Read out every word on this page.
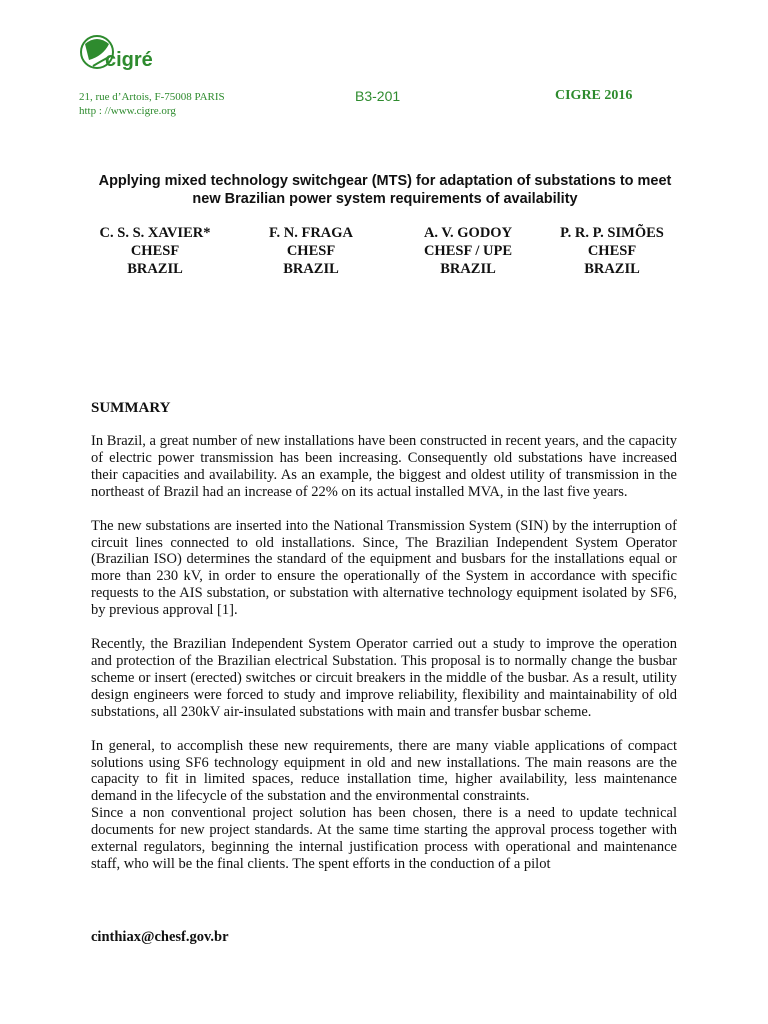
cigré
21, rue d’Artois, F-75008 PARIS
http : //www.cigre.org
B3-201	CIGRE 2016
Applying mixed technology switchgear (MTS) for adaptation of substations to meet new Brazilian power system requirements of availability
C. S. S. XAVIER*
CHESF
BRAZIL
F. N. FRAGA
CHESF
BRAZIL
A. V. GODOY
CHESF / UPE
BRAZIL
P. R. P. SIMÕES
CHESF
BRAZIL
SUMMARY

In Brazil, a great number of new installations have been constructed in recent years, and the capacity of electric power transmission has been increasing. Consequently old substations have increased their capacities and availability. As an example, the biggest and oldest utility of transmission in the northeast of Brazil had an increase of 22% on its actual installed MVA, in the last five years.

The new substations are inserted into the National Transmission System (SIN) by the interruption of circuit lines connected to old installations. Since, The Brazilian Independent System Operator (Brazilian ISO) determines the standard of the equipment and busbars for the installations equal or more than 230 kV, in order to ensure the operationally of the System in accordance with specific requests to the AIS substation, or substation with alternative technology equipment isolated by SF6, by previous approval [1].

Recently, the Brazilian Independent System Operator carried out a study to improve the operation and protection of the Brazilian electrical Substation. This proposal is to normally change the busbar scheme or insert (erected) switches or circuit breakers in the middle of the busbar. As a result, utility design engineers were forced to study and improve reliability, flexibility and maintainability of old substations, all 230kV air-insulated substations with main and transfer busbar scheme.

In general, to accomplish these new requirements, there are many viable applications of compact solutions using SF6 technology equipment in old and new installations. The main reasons are the capacity to fit in limited spaces, reduce installation time, higher availability, less maintenance demand in the lifecycle of the substation and the environmental constraints.

Since a non conventional project solution has been chosen, there is a need to update technical documents for new project standards. At the same time starting the approval process together with external regulators, beginning the internal justification process with operational and maintenance staff, who will be the final clients. The spent efforts in the conduction of a pilot

cinthiax@chesf.gov.br
